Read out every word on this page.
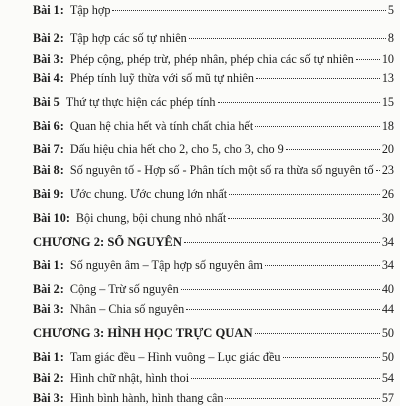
Bài 1: Tập hợp	5
Bài 2: Tập hợp các số tự nhiên	8
Bài 3: Phép cộng, phép trừ, phép nhân, phép chia các số tự nhiên 10
Bài 4: Phép tính luỹ thừa với số mũ tự nhiên	13
Bài 5 Thứ tự thực hiện các phép tính	15
Bài 6: Quan hệ chia hết và tính chất chia hết	18
Bài 7: Dấu hiệu chia hết cho 2, cho 5, cho 3, cho 9	20
Bài 8: Số nguyên tố - Hợp số - Phân tích một số ra thừa số nguyên tố 23
Bài 9: Ước chung. Ước chung lớn nhất	26
Bài 10: Bội chung, bội chung nhỏ nhất	30
CHƯƠNG 2: SỐ NGUYÊN	34
Bài 1: Số nguyên âm – Tập hợp số nguyên âm	34
Bài 2: Cộng – Trừ số nguyên	40
Bài 3: Nhân – Chia số nguyên	44
CHƯƠNG 3: HÌNH HỌC TRỰC QUAN	50
Bài 1: Tam giác đều – Hình vuông – Lục giác đều	50
Bài 2: Hình chữ nhật, hình thoi	54
Bài 3: Hình bình hành, hình thang cân	57
